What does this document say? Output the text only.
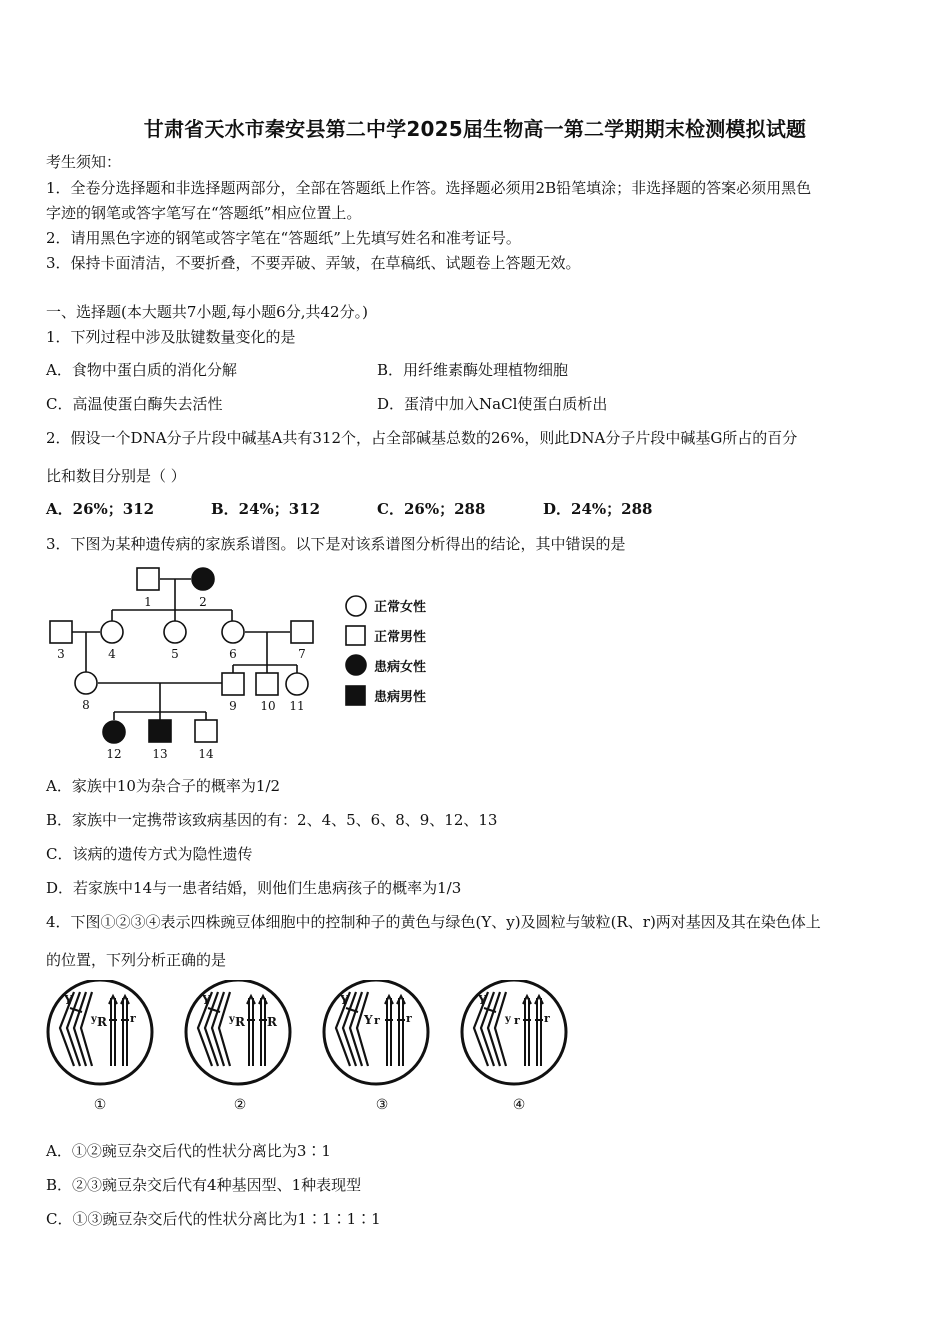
甘肃省天水市秦安县第二中学2025届生物高一第二学期期末检测模拟试题
考生须知：
1．全卷分选择题和非选择题两部分，全部在答题纸上作答。选择题必须用2B铅笔填涂；非选择题的答案必须用黑色
字迹的钢笔或答字笔写在“答题纸”相应位置上。
2．请用黑色字迹的钢笔或答字笔在“答题纸”上先填写姓名和准考证号。
3．保持卡面清洁，不要折叠，不要弄破、弄皱，在草稿纸、试题卷上答题无效。
一、选择题(本大题共7小题,每小题6分,共42分。)
1．下列过程中涉及肽键数量变化的是
A．食物中蛋白质的消化分解	B．用纤维素酶处理植物细胞
C．高温使蛋白酶失去活性	D．蛋清中加入NaCl使蛋白质析出
2．假设一个DNA分子片段中碱基A共有312个，占全部碱基总数的26%，则此DNA分子片段中碱基G所占的百分
比和数目分别是（ ）
A．26%；312	B．24%；312	C．26%；288	D．24%；288
3．下图为某种遗传病的家族系谱图。以下是对该系谱图分析得出的结论，其中错误的是
1	2
3	4	5	6	7
8	9 10 11
12	13	14
正常女性
正常男性
患病女性
患病男性
A．家族中10为杂合子的概率为1/2
B．家族中一定携带该致病基因的有：2、4、5、6、8、9、12、13
C．该病的遗传方式为隐性遗传
D．若家族中14与一患者结婚，则他们生患病孩子的概率为1/3
4．下图①②③④表示四株豌豆体细胞中的控制种子的黄色与绿色(Y、y)及圆粒与皱粒(R、r)两对基因及其在染色体上
的位置，下列分析正确的是
Y
y R r
Y
y R R
Y
Y r r
Y
y r r
①	②	③	④
A．①②豌豆杂交后代的性状分离比为3∶1
B．②③豌豆杂交后代有4种基因型、1种表现型
C．①③豌豆杂交后代的性状分离比为1∶1∶1∶1
